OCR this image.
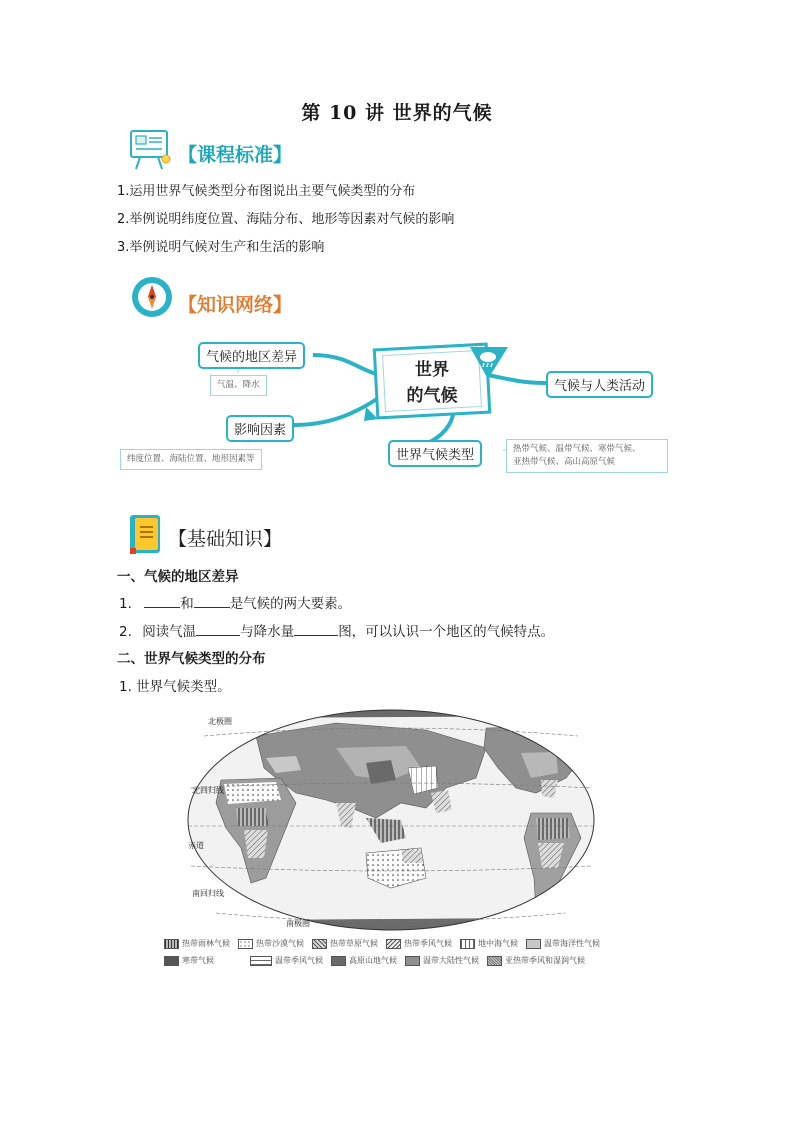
第 10 讲 世界的气候
【课程标准】
1.运用世界气候类型分布图说出主要气候类型的分布
2.举例说明纬度位置、海陆分布、地形等因素对气候的影响
3.举例说明气候对生产和生活的影响
【知识网络】
世界
的气候
气候的地区差异
气温、降水
影响因素
纬度位置、海陆位置、地形因素等
气候与人类活动
世界气候类型	热带气候、温带气候、寒带气候、
亚热带气候、高山高原气候
【基础知识】
一、气候的地区差异
1.	和	是气候的两大要素。
2. 阅读气温	与降水量	图，可以认识一个地区的气候特点。
二、世界气候类型的分布
1. 世界气候类型。
北极圈
北回归线
赤道
南回归线
南极圈
热带雨林气候	热带沙漠气候	热带草原气候	热带季风气候	地中海气候	温带海洋性气候
寒带气候	温带季风气候	高原山地气候	温带大陆性气候	亚热带季风和湿润气候
